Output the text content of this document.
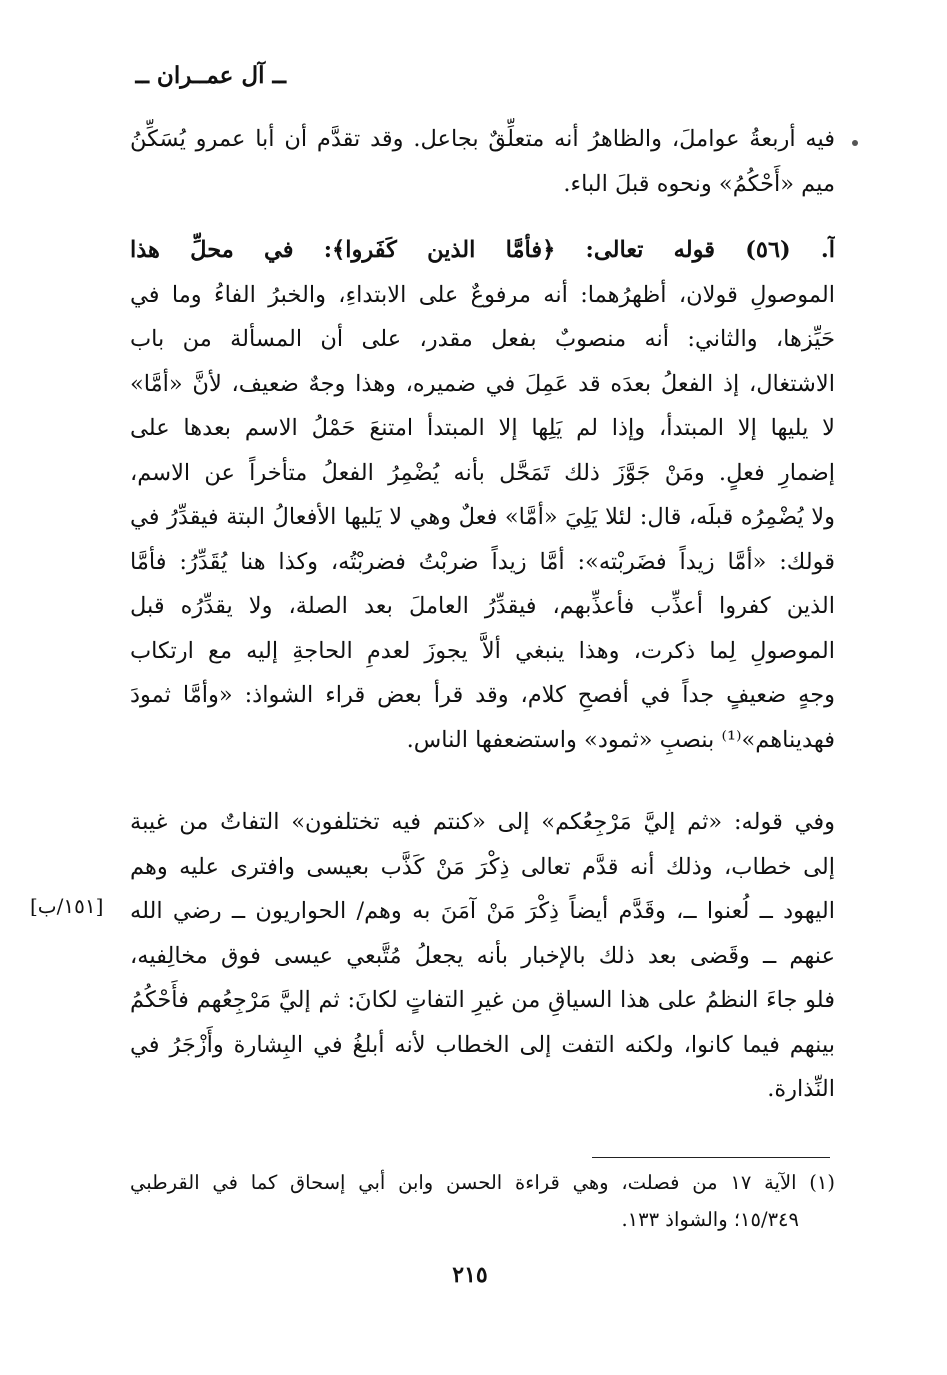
ــ آل عمــران ــ
فيه أربعةُ عواملَ، والظاهرُ أنه متعلِّقٌ بجاعل. وقد تقدَّم أن أبا عمرو يُسَكِّنُ
ميم «أَحْكُمُ» ونحوه قبلَ الباء.
آ. (٥٦) قوله تعالى: ﴿فأمَّا الذين كَفَروا﴾: في محلِّ هذا
الموصولِ قولان، أظهرُهما: أنه مرفوعٌ على الابتداءِ، والخبرُ الفاءُ وما في
حَيِّزها، والثاني: أنه منصوبٌ بفعل مقدر، على أن المسألة من باب
الاشتغال، إذ الفعلُ بعدَه قد عَمِلَ في ضميره، وهذا وجهٌ ضعيف، لأنَّ «أمَّا»
لا يليها إلا المبتدأ، وإذا لم يَلِها إلا المبتدأ امتنعَ حَمْلُ الاسم بعدها على
إضمارِ فعلٍ. ومَنْ جَوَّزَ ذلك تَمَحَّل بأنه يُضْمِرُ الفعلُ متأخراً عن الاسم،
ولا يُضْمِرُه قبلَه، قال: لئلا يَلِيَ «أمَّا» فعلٌ وهي لا يَليها الأفعالُ البتة فيقدِّرُ في
قولك: «أمَّا زيداً فضَربْته»: أمَّا زيداً ضربْتُ فضربْتُه، وكذا هنا يُقَدِّرُ: فأمَّا
الذين كفروا أعذِّب فأعذِّبهم، فيقدِّرُ العاملَ بعد الصلة، ولا يقدِّرُه قبل
الموصولِ لِما ذكرت، وهذا ينبغي ألاَّ يجوزَ لعدمِ الحاجةِ إليه مع ارتكاب
وجهٍ ضعيفٍ جداً في أفصحِ كلام، وقد قرأ بعض قراء الشواذ: «وأمَّا ثمودَ
فهديناهم»⁽¹⁾ بنصبِ «ثمود» واستضعفها الناس.
وفي قوله: «ثم إليَّ مَرْجِعُكم» إلى «كنتم فيه تختلفون» التفاتٌ من غيبة
إلى خطاب، وذلك أنه قدَّم تعالى ذِكْرَ مَنْ كَذَّب بعيسى وافترى عليه وهم
اليهود ــ لُعنوا ــ، وقَدَّم أيضاً ذِكْرَ مَنْ آمَنَ به وهم/ الحواريون ــ رضي الله
عنهم ــ وقَضى بعد ذلك بالإخبار بأنه يجعلُ مُتَّبعي عيسى فوق مخالِفيه،
فلو جاءَ النظمُ على هذا السياقِ من غيرِ التفاتٍ لكانَ: ثم إليَّ مَرْجِعُهم فأَحْكُمُ
بينهم فيما كانوا، ولكنه التفت إلى الخطاب لأنه أبلغُ في البِشارة وأَزْجَرُ في
النِّذارة.
[١٥١/ب]
(١) الآية ١٧ من فصلت، وهي قراءة الحسن وابن أبي إسحاق كما في القرطبي
١٥/٣٤٩؛ والشواذ ١٣٣.
٢١٥
